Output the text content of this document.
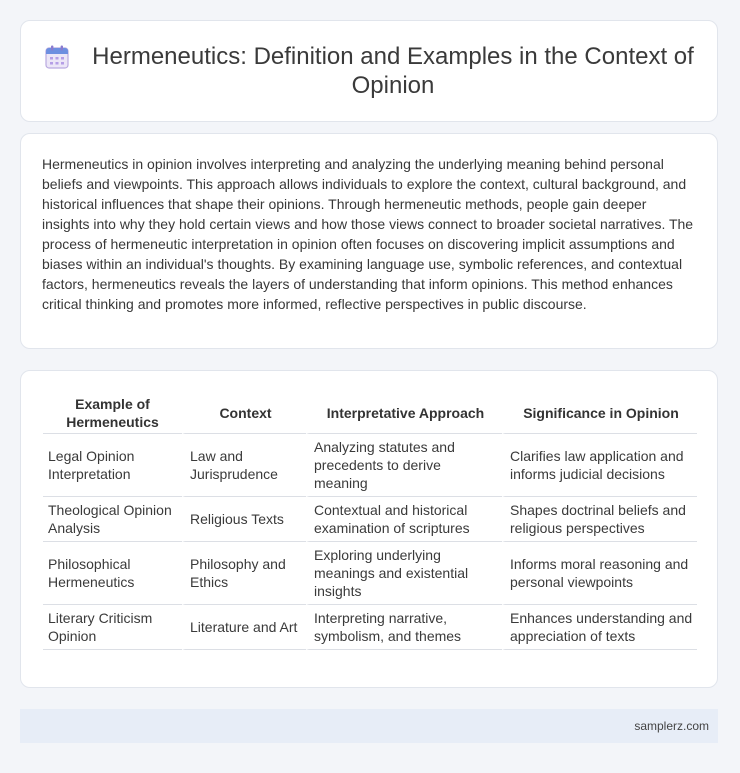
Hermeneutics: Definition and Examples in the Context of Opinion

Hermeneutics in opinion involves interpreting and analyzing the underlying meaning behind personal beliefs and viewpoints. This approach allows individuals to explore the context, cultural background, and historical influences that shape their opinions. Through hermeneutic methods, people gain deeper insights into why they hold certain views and how those views connect to broader societal narratives. The process of hermeneutic interpretation in opinion often focuses on discovering implicit assumptions and biases within an individual's thoughts. By examining language use, symbolic references, and contextual factors, hermeneutics reveals the layers of understanding that inform opinions. This method enhances critical thinking and promotes more informed, reflective perspectives in public discourse.

Example of Hermeneutics	Context	Interpretative Approach	Significance in Opinion
Legal Opinion Interpretation	Law and Jurisprudence	Analyzing statutes and precedents to derive meaning	Clarifies law application and informs judicial decisions
Theological Opinion Analysis	Religious Texts	Contextual and historical examination of scriptures	Shapes doctrinal beliefs and religious perspectives
Philosophical Hermeneutics	Philosophy and Ethics	Exploring underlying meanings and existential insights	Informs moral reasoning and personal viewpoints
Literary Criticism Opinion	Literature and Art	Interpreting narrative, symbolism, and themes	Enhances understanding and appreciation of texts
samplerz.com
